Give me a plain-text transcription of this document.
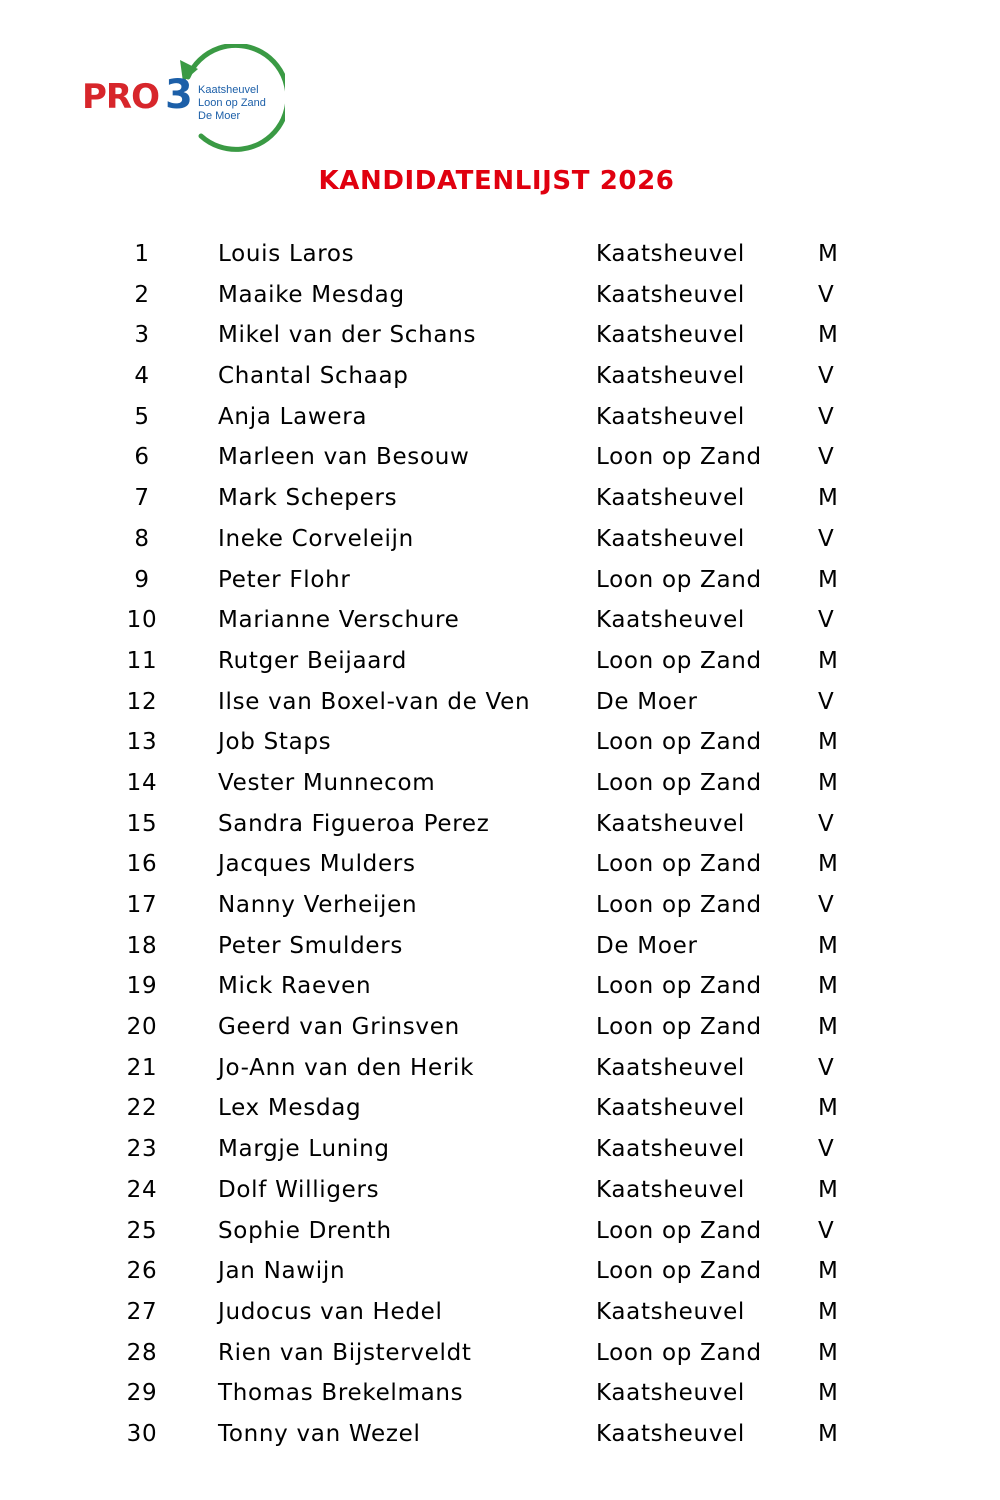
PRO 3 Kaatsheuvel
Loon op Zand
De Moer
KANDIDATENLIJST 2026
1	Louis Laros	Kaatsheuvel	M
2	Maaike Mesdag	Kaatsheuvel	V
3	Mikel van der Schans	Kaatsheuvel	M
4	Chantal Schaap	Kaatsheuvel	V
5	Anja Lawera	Kaatsheuvel	V
6	Marleen van Besouw	Loon op Zand V
7	Mark Schepers	Kaatsheuvel	M
8	Ineke Corveleijn	Kaatsheuvel	V
9	Peter Flohr	Loon op Zand M
10	Marianne Verschure	Kaatsheuvel	V
11	Rutger Beijaard	Loon op Zand M
12	Ilse van Boxel-van de Ven	De Moer	V
13	Job Staps	Loon op Zand M
14	Vester Munnecom	Loon op Zand M
15	Sandra Figueroa Perez	Kaatsheuvel	V
16	Jacques Mulders	Loon op Zand M
17	Nanny Verheijen	Loon op Zand V
18	Peter Smulders	De Moer	M
19	Mick Raeven	Loon op Zand M
20	Geerd van Grinsven	Loon op Zand M
21	Jo-Ann van den Herik	Kaatsheuvel	V
22	Lex Mesdag	Kaatsheuvel	M
23	Margje Luning	Kaatsheuvel	V
24	Dolf Willigers	Kaatsheuvel	M
25	Sophie Drenth	Loon op Zand V
26	Jan Nawijn	Loon op Zand M
27	Judocus van Hedel	Kaatsheuvel	M
28	Rien van Bijsterveldt	Loon op Zand M
29	Thomas Brekelmans	Kaatsheuvel	M
30	Tonny van Wezel	Kaatsheuvel	M
